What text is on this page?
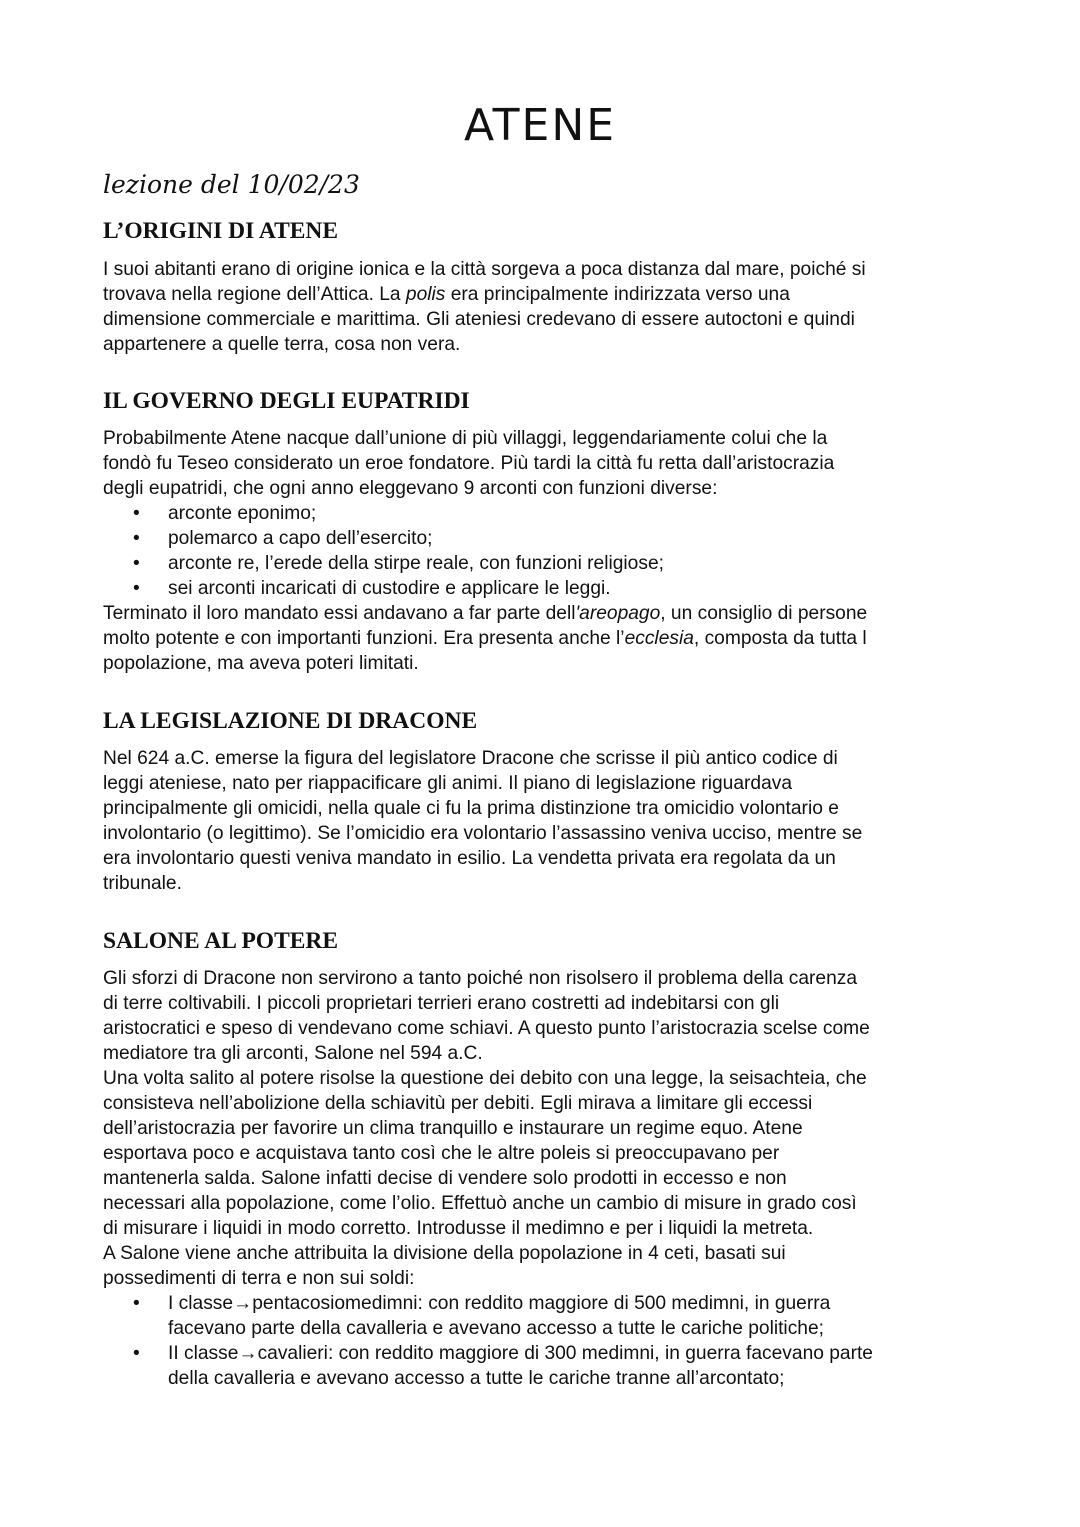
ATENE
lezione del 10/02/23
L’ORIGINI DI ATENE
I suoi abitanti erano di origine ionica e la città sorgeva a poca distanza dal mare, poiché si
trovava nella regione dell’Attica. La polis era principalmente indirizzata verso una
dimensione commerciale e marittima. Gli ateniesi credevano di essere autoctoni e quindi
appartenere a quelle terra, cosa non vera.
IL GOVERNO DEGLI EUPATRIDI
Probabilmente Atene nacque dall’unione di più villaggi, leggendariamente colui che la
fondò fu Teseo considerato un eroe fondatore. Più tardi la città fu retta dall’aristocrazia
degli eupatridi, che ogni anno eleggevano 9 arconti con funzioni diverse:
• arconte eponimo;
• polemarco a capo dell’esercito;
• arconte re, l’erede della stirpe reale, con funzioni religiose;
• sei arconti incaricati di custodire e applicare le leggi.
Terminato il loro mandato essi andavano a far parte dell'areopago, un consiglio di persone
molto potente e con importanti funzioni. Era presenta anche l’ecclesia, composta da tutta l
popolazione, ma aveva poteri limitati.
LA LEGISLAZIONE DI DRACONE
Nel 624 a.C. emerse la figura del legislatore Dracone che scrisse il più antico codice di
leggi ateniese, nato per riappacificare gli animi. Il piano di legislazione riguardava
principalmente gli omicidi, nella quale ci fu la prima distinzione tra omicidio volontario e
involontario (o legittimo). Se l’omicidio era volontario l’assassino veniva ucciso, mentre se
era involontario questi veniva mandato in esilio. La vendetta privata era regolata da un
tribunale.
SALONE AL POTERE
Gli sforzi di Dracone non servirono a tanto poiché non risolsero il problema della carenza
di terre coltivabili. I piccoli proprietari terrieri erano costretti ad indebitarsi con gli
aristocratici e speso di vendevano come schiavi. A questo punto l’aristocrazia scelse come
mediatore tra gli arconti, Salone nel 594 a.C.
Una volta salito al potere risolse la questione dei debito con una legge, la seisachteia, che
consisteva nell’abolizione della schiavitù per debiti. Egli mirava a limitare gli eccessi
dell’aristocrazia per favorire un clima tranquillo e instaurare un regime equo. Atene
esportava poco e acquistava tanto così che le altre poleis si preoccupavano per
mantenerla salda. Salone infatti decise di vendere solo prodotti in eccesso e non
necessari alla popolazione, come l’olio. Effettuò anche un cambio di misure in grado così
di misurare i liquidi in modo corretto. Introdusse il medimno e per i liquidi la metreta.
A Salone viene anche attribuita la divisione della popolazione in 4 ceti, basati sui
possedimenti di terra e non sui soldi:
• I classe→pentacosiomedimni: con reddito maggiore di 500 medimni, in guerra
facevano parte della cavalleria e avevano accesso a tutte le cariche politiche;
• II classe→cavalieri: con reddito maggiore di 300 medimni, in guerra facevano parte
della cavalleria e avevano accesso a tutte le cariche tranne all’arcontato;
